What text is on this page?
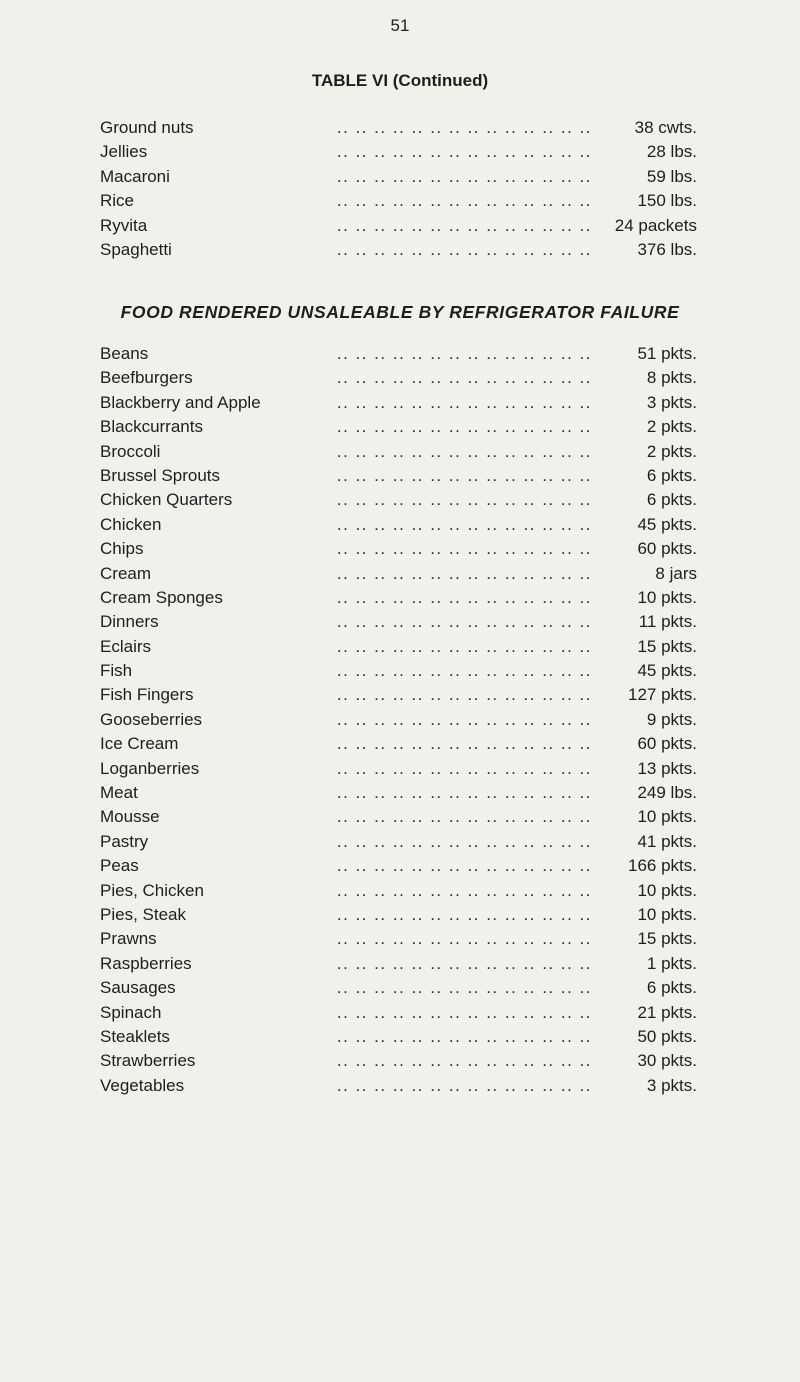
51
TABLE VI (Continued)
.. .. .. .. .. .. .. .. .. .. .. .. .. ..
Ground nuts	38 cwts.
.. .. .. .. .. .. .. .. .. .. .. .. .. ..
Jellies	28 lbs.
.. .. .. .. .. .. .. .. .. .. .. .. .. ..
Macaroni	59 lbs.
.. .. .. .. .. .. .. .. .. .. .. .. .. ..
Rice	150 lbs.
.. .. .. .. .. .. .. .. .. .. .. .. .. ..
Ryvita	24 packets
.. .. .. .. .. .. .. .. .. .. .. .. .. ..
Spaghetti	376 lbs.
FOOD RENDERED UNSALEABLE BY REFRIGERATOR FAILURE
.. .. .. .. .. .. .. .. .. .. .. .. .. ..
Beans	51 pkts.
.. .. .. .. .. .. .. .. .. .. .. .. .. ..
Beefburgers	8 pkts.
.. .. .. .. .. .. .. .. .. .. .. .. .. ..
Blackberry and Apple	3 pkts.
.. .. .. .. .. .. .. .. .. .. .. .. .. ..
Blackcurrants	2 pkts.
.. .. .. .. .. .. .. .. .. .. .. .. .. ..
Broccoli	2 pkts.
.. .. .. .. .. .. .. .. .. .. .. .. .. ..
Brussel Sprouts	6 pkts.
.. .. .. .. .. .. .. .. .. .. .. .. .. ..
Chicken Quarters	6 pkts.
.. .. .. .. .. .. .. .. .. .. .. .. .. ..
Chicken	45 pkts.
.. .. .. .. .. .. .. .. .. .. .. .. .. ..
Chips	60 pkts.
.. .. .. .. .. .. .. .. .. .. .. .. .. ..
Cream	8 jars
.. .. .. .. .. .. .. .. .. .. .. .. .. ..
Cream Sponges	10 pkts.
.. .. .. .. .. .. .. .. .. .. .. .. .. ..
Dinners	11 pkts.
.. .. .. .. .. .. .. .. .. .. .. .. .. ..
Eclairs	15 pkts.
.. .. .. .. .. .. .. .. .. .. .. .. .. ..
Fish	45 pkts.
.. .. .. .. .. .. .. .. .. .. .. .. .. ..
Fish Fingers	127 pkts.
.. .. .. .. .. .. .. .. .. .. .. .. .. ..
Gooseberries	9 pkts.
.. .. .. .. .. .. .. .. .. .. .. .. .. ..
Ice Cream	60 pkts.
.. .. .. .. .. .. .. .. .. .. .. .. .. ..
Loganberries	13 pkts.
.. .. .. .. .. .. .. .. .. .. .. .. .. ..
Meat	249 lbs.
.. .. .. .. .. .. .. .. .. .. .. .. .. ..
Mousse	10 pkts.
.. .. .. .. .. .. .. .. .. .. .. .. .. ..
Pastry	41 pkts.
.. .. .. .. .. .. .. .. .. .. .. .. .. ..
Peas	166 pkts.
.. .. .. .. .. .. .. .. .. .. .. .. .. ..
Pies, Chicken	10 pkts.
.. .. .. .. .. .. .. .. .. .. .. .. .. ..
Pies, Steak	10 pkts.
.. .. .. .. .. .. .. .. .. .. .. .. .. ..
Prawns	15 pkts.
.. .. .. .. .. .. .. .. .. .. .. .. .. ..
Raspberries	1 pkts.
.. .. .. .. .. .. .. .. .. .. .. .. .. ..
Sausages	6 pkts.
.. .. .. .. .. .. .. .. .. .. .. .. .. ..
Spinach	21 pkts.
.. .. .. .. .. .. .. .. .. .. .. .. .. ..
Steaklets	50 pkts.
.. .. .. .. .. .. .. .. .. .. .. .. .. ..
Strawberries	30 pkts.
.. .. .. .. .. .. .. .. .. .. .. .. .. ..
Vegetables	3 pkts.
